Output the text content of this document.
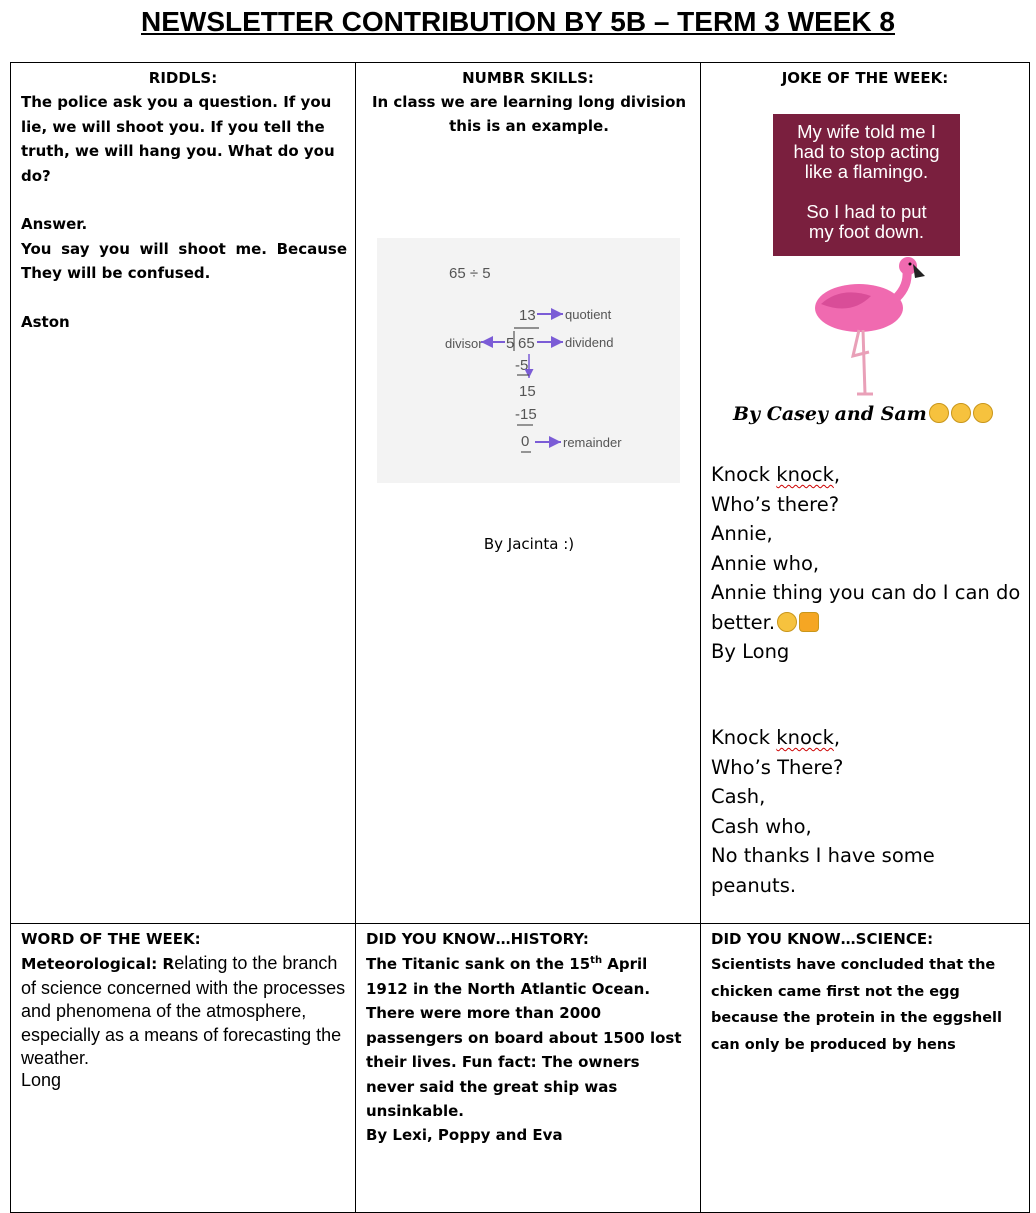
NEWSLETTER CONTRIBUTION BY 5B – TERM 3 WEEK 8
RIDDLS:
The police ask you a question. If you lie, we will shoot you. If you tell the truth, we will hang you. What do you do?
Answer.
You say you will shoot me. Because
They will be confused.
Aston
NUMBR SKILLS:
In class we are learning long division
this is an example.
65 ÷ 5
13 quotient
divisor 5 65 dividend
-5
15
-15
0	remainder
By Jacinta :)
JOKE OF THE WEEK:
My wife told me I
had to stop acting
like a flamingo.
So I had to put
my foot down.
By Casey and Sam
Knock knock,
Who’s there?
Annie,
Annie who,
Annie thing you can do I can do
better.
By Long
Knock knock,
Who’s There?
Cash,
Cash who,
No thanks I have some peanuts.
WORD OF THE WEEK:
Meteorological: Relating to the branch of science concerned with the processes and phenomena of the atmosphere, especially as a means of forecasting the weather.
Long
DID YOU KNOW…HISTORY:
The Titanic sank on the 15th April 1912 in the North Atlantic Ocean. There were more than 2000 passengers on board about 1500 lost their lives. Fun fact: The owners never said the great ship was unsinkable.
By Lexi, Poppy and Eva
DID YOU KNOW…SCIENCE:
Scientists have concluded that the chicken came first not the egg because the protein in the eggshell can only be produced by hens
